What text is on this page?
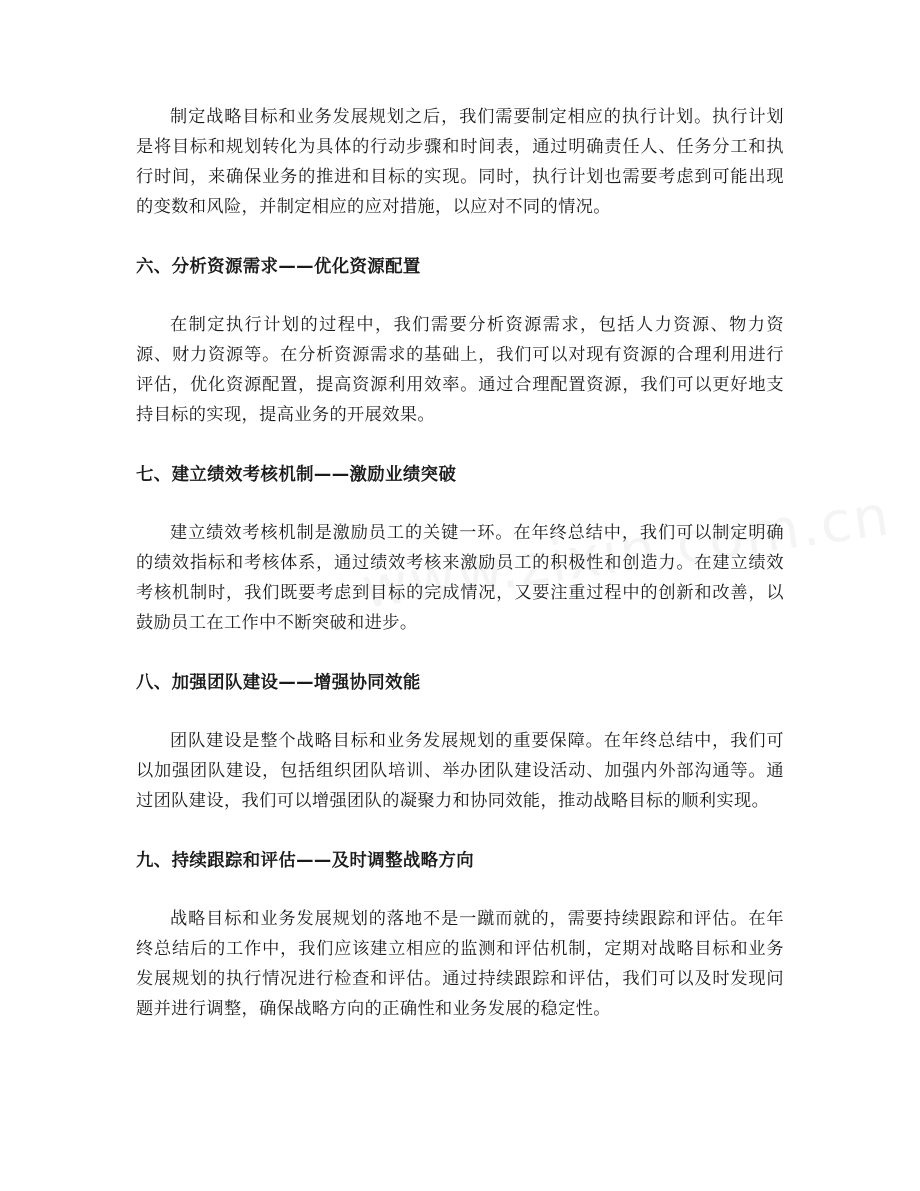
制定战略目标和业务发展规划之后，我们需要制定相应的执行计划。执行计划是将目标和规划转化为具体的行动步骤和时间表，通过明确责任人、任务分工和执行时间，来确保业务的推进和目标的实现。同时，执行计划也需要考虑到可能出现的变数和风险，并制定相应的应对措施，以应对不同的情况。

六、分析资源需求——优化资源配置

在制定执行计划的过程中，我们需要分析资源需求，包括人力资源、物力资源、财力资源等。在分析资源需求的基础上，我们可以对现有资源的合理利用进行评估，优化资源配置，提高资源利用效率。通过合理配置资源，我们可以更好地支持目标的实现，提高业务的开展效果。

七、建立绩效考核机制——激励业绩突破

建立绩效考核机制是激励员工的关键一环。在年终总结中，我们可以制定明确的绩效指标和考核体系，通过绩效考核来激励员工的积极性和创造力。在建立绩效考核机制时，我们既要考虑到目标的完成情况，又要注重过程中的创新和改善，以鼓励员工在工作中不断突破和进步。

八、加强团队建设——增强协同效能

团队建设是整个战略目标和业务发展规划的重要保障。在年终总结中，我们可以加强团队建设，包括组织团队培训、举办团队建设活动、加强内外部沟通等。通过团队建设，我们可以增强团队的凝聚力和协同效能，推动战略目标的顺利实现。

九、持续跟踪和评估——及时调整战略方向

战略目标和业务发展规划的落地不是一蹴而就的，需要持续跟踪和评估。在年终总结后的工作中，我们应该建立相应的监测和评估机制，定期对战略目标和业务发展规划的执行情况进行检查和评估。通过持续跟踪和评估，我们可以及时发现问题并进行调整，确保战略方向的正确性和业务发展的稳定性。
